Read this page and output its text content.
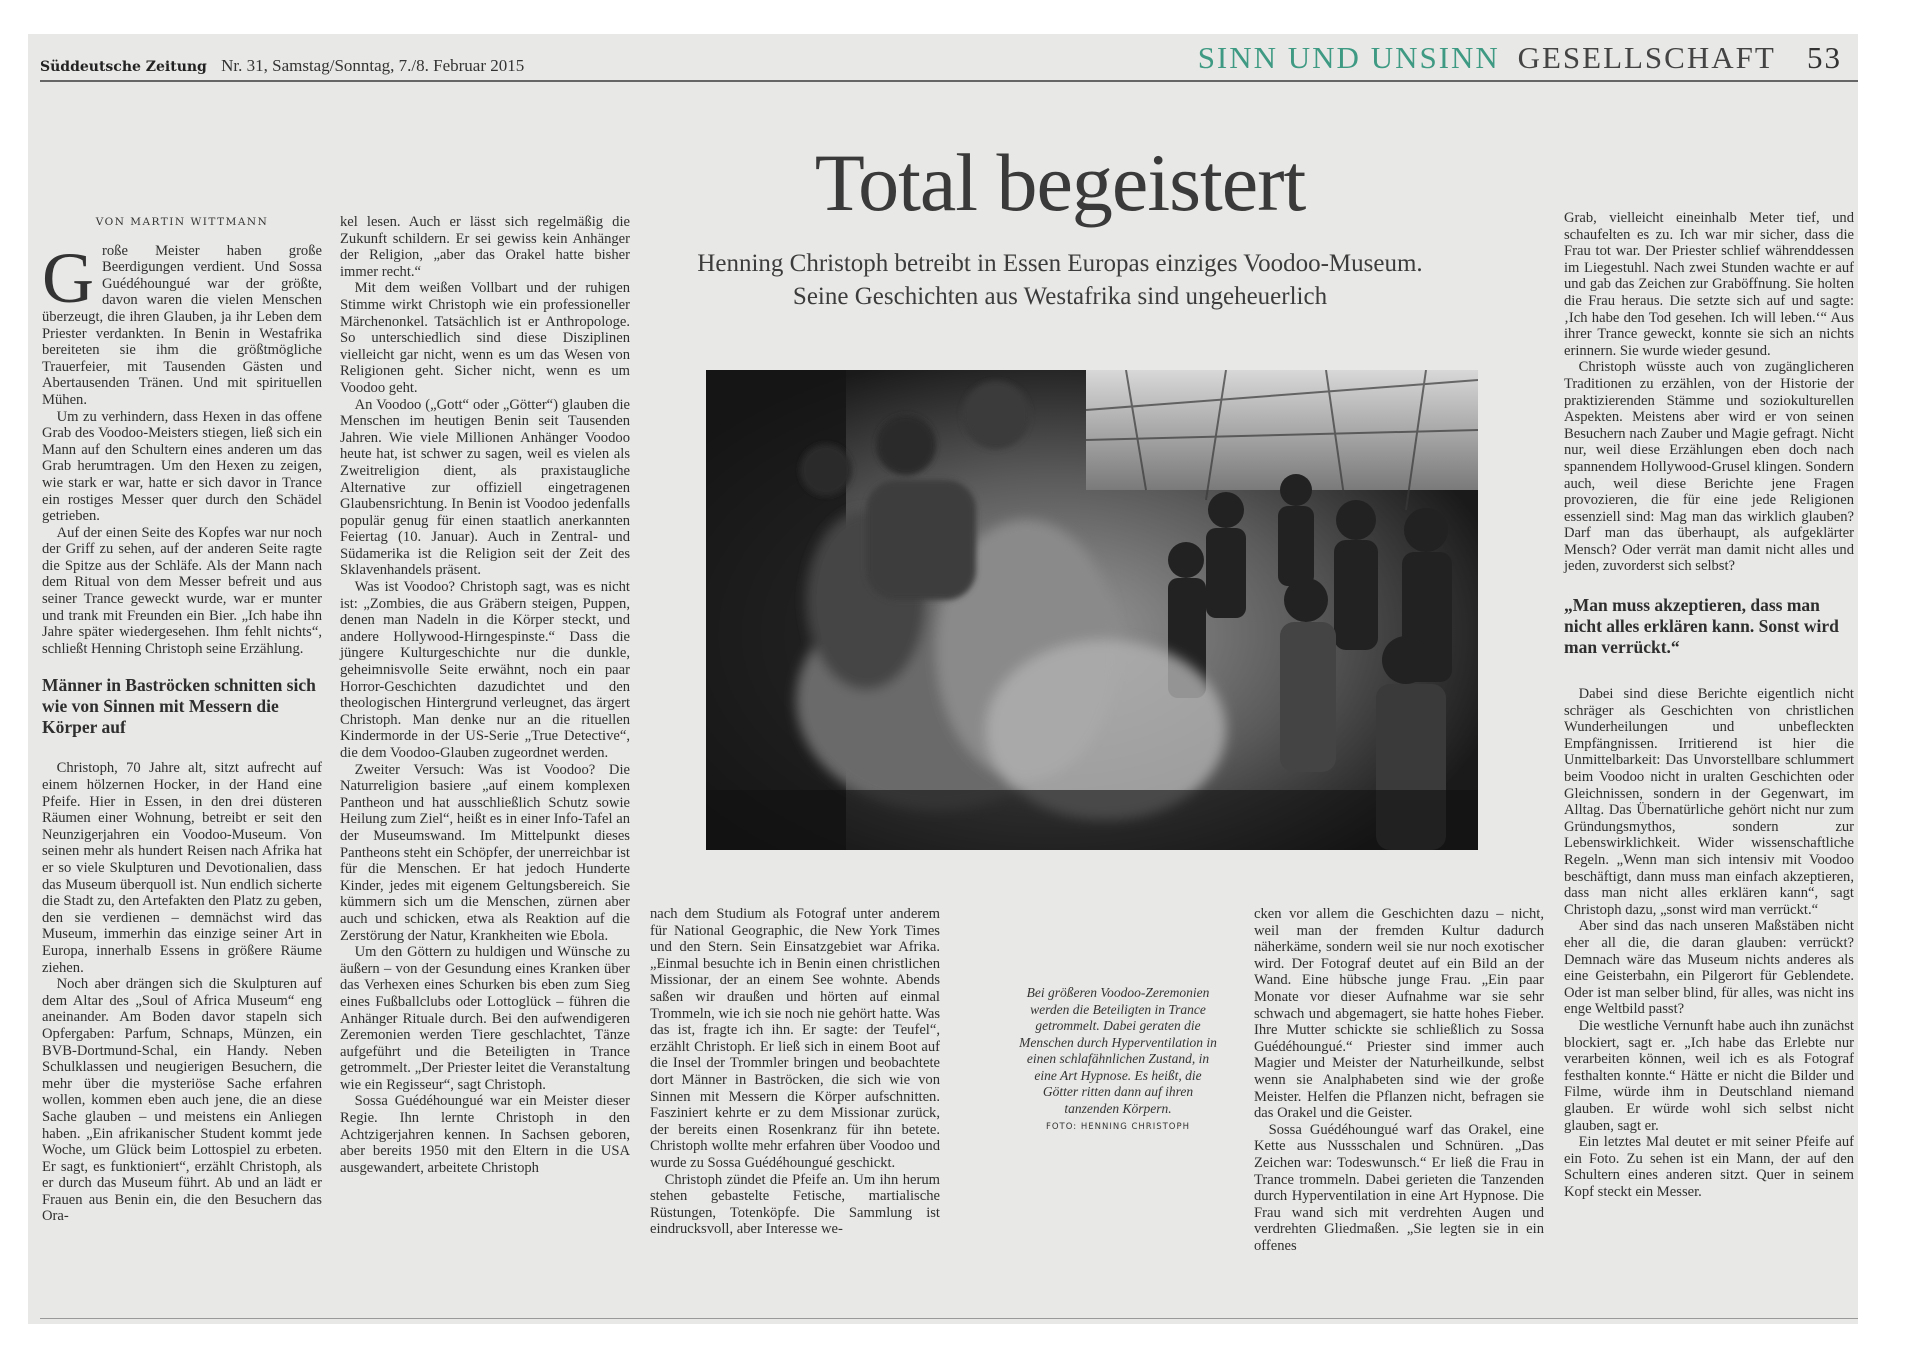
Süddeutsche Zeitung Nr. 31, Samstag/Sonntag, 7./8. Februar 2015	SINN UND UNSINN GESELLSCHAFT 53
Total begeistert
Henning Christoph betreibt in Essen Europas einziges Voodoo-Museum.
Seine Geschichten aus Westafrika sind ungeheuerlich
VON MARTIN WITTMANN

Große Meister haben große Beerdigungen verdient. Und Sossa Guédéhoungué war der größte, davon waren die vielen Menschen überzeugt, die ihren Glauben, ja ihr Leben dem Priester verdankten. In Benin in Westafrika bereiteten sie ihm die größtmögliche Trauerfeier, mit Tausenden Gästen und Abertausenden Tränen. Und mit spirituellen Mühen.

Um zu verhindern, dass Hexen in das offene Grab des Voodoo-Meisters stiegen, ließ sich ein Mann auf den Schultern eines anderen um das Grab herumtragen. Um den Hexen zu zeigen, wie stark er war, hatte er sich davor in Trance ein rostiges Messer quer durch den Schädel getrieben.

Auf der einen Seite des Kopfes war nur noch der Griff zu sehen, auf der anderen Seite ragte die Spitze aus der Schläfe. Als der Mann nach dem Ritual von dem Messer befreit und aus seiner Trance geweckt wurde, war er munter und trank mit Freunden ein Bier. „Ich habe ihn Jahre später wiedergesehen. Ihm fehlt nichts“, schließt Henning Christoph seine Erzählung.

Männer in Baströcken schnitten sich wie von Sinnen mit Messern die Körper auf

Christoph, 70 Jahre alt, sitzt aufrecht auf einem hölzernen Hocker, in der Hand eine Pfeife. Hier in Essen, in den drei düsteren Räumen einer Wohnung, betreibt er seit den Neunzigerjahren ein Voodoo-Museum. Von seinen mehr als hundert Reisen nach Afrika hat er so viele Skulpturen und Devotionalien, dass das Museum überquoll ist. Nun endlich sicherte die Stadt zu, den Artefakten den Platz zu geben, den sie verdienen – demnächst wird das Museum, immerhin das einzige seiner Art in Europa, innerhalb Essens in größere Räume ziehen.

Noch aber drängen sich die Skulpturen auf dem Altar des „Soul of Africa Museum“ eng aneinander. Am Boden davor stapeln sich Opfergaben: Parfum, Schnaps, Münzen, ein BVB-Dortmund-Schal, ein Handy. Neben Schulklassen und neugierigen Besuchern, die mehr über die mysteriöse Sache erfahren wollen, kommen eben auch jene, die an diese Sache glauben – und meistens ein Anliegen haben. „Ein afrikanischer Student kommt jede Woche, um Glück beim Lottospiel zu erbeten. Er sagt, es funktioniert“, erzählt Christoph, als er durch das Museum führt. Ab und an lädt er Frauen aus Benin ein, die den Besuchern das Ora-

kel lesen. Auch er lässt sich regelmäßig die Zukunft schildern. Er sei gewiss kein Anhänger der Religion, „aber das Orakel hatte bisher immer recht.“

Mit dem weißen Vollbart und der ruhigen Stimme wirkt Christoph wie ein professioneller Märchenonkel. Tatsächlich ist er Anthropologe. So unterschiedlich sind diese Disziplinen vielleicht gar nicht, wenn es um das Wesen von Religionen geht. Sicher nicht, wenn es um Voodoo geht.

An Voodoo („Gott“ oder „Götter“) glauben die Menschen im heutigen Benin seit Tausenden Jahren. Wie viele Millionen Anhänger Voodoo heute hat, ist schwer zu sagen, weil es vielen als Zweitreligion dient, als praxistaugliche Alternative zur offiziell eingetragenen Glaubensrichtung. In Benin ist Voodoo jedenfalls populär genug für einen staatlich anerkannten Feiertag (10. Januar). Auch in Zentral- und Südamerika ist die Religion seit der Zeit des Sklavenhandels präsent.

Was ist Voodoo? Christoph sagt, was es nicht ist: „Zombies, die aus Gräbern steigen, Puppen, denen man Nadeln in die Körper steckt, und andere Hollywood-Hirngespinste.“ Dass die jüngere Kulturgeschichte nur die dunkle, geheimnisvolle Seite erwähnt, noch ein paar Horror-Geschichten dazudichtet und den theologischen Hintergrund verleugnet, das ärgert Christoph. Man denke nur an die rituellen Kindermorde in der US-Serie „True Detective“, die dem Voodoo-Glauben zugeordnet werden.

Zweiter Versuch: Was ist Voodoo? Die Naturreligion basiere „auf einem komplexen Pantheon und hat ausschließlich Schutz sowie Heilung zum Ziel“, heißt es in einer Info-Tafel an der Museumswand. Im Mittelpunkt dieses Pantheons steht ein Schöpfer, der unerreichbar ist für die Menschen. Er hat jedoch Hunderte Kinder, jedes mit eigenem Geltungsbereich. Sie kümmern sich um die Menschen, zürnen aber auch und schicken, etwa als Reaktion auf die Zerstörung der Natur, Krankheiten wie Ebola.

Um den Göttern zu huldigen und Wünsche zu äußern – von der Gesundung eines Kranken über das Verhexen eines Schurken bis eben zum Sieg eines Fußballclubs oder Lottoglück – führen die Anhänger Rituale durch. Bei den aufwendigeren Zeremonien werden Tiere geschlachtet, Tänze aufgeführt und die Beteiligten in Trance getrommelt. „Der Priester leitet die Veranstaltung wie ein Regisseur“, sagt Christoph.

Sossa Guédéhoungué war ein Meister dieser Regie. Ihn lernte Christoph in den Achtzigerjahren kennen. In Sachsen geboren, aber bereits 1950 mit den Eltern in die USA ausgewandert, arbeitete Christoph

nach dem Studium als Fotograf unter anderem für National Geographic, die New York Times und den Stern. Sein Einsatzgebiet war Afrika. „Einmal besuchte ich in Benin einen christlichen Missionar, der an einem See wohnte. Abends saßen wir draußen und hörten auf einmal Trommeln, wie ich sie noch nie gehört hatte. Was das ist, fragte ich ihn. Er sagte: der Teufel“, erzählt Christoph. Er ließ sich in einem Boot auf die Insel der Trommler bringen und beobachtete dort Männer in Baströcken, die sich wie von Sinnen mit Messern die Körper aufschnitten. Fasziniert kehrte er zu dem Missionar zurück, der bereits einen Rosenkranz für ihn betete. Christoph wollte mehr erfahren über Voodoo und wurde zu Sossa Guédéhoungué geschickt.

Christoph zündet die Pfeife an. Um ihn herum stehen gebastelte Fetische, martialische Rüstungen, Totenköpfe. Die Sammlung ist eindrucksvoll, aber Interesse we-

Bei größeren Voodoo-Zeremonien werden die Beteiligten in Trance getrommelt. Dabei geraten die Menschen durch Hyperventilation in einen schlafähnlichen Zustand, in eine Art Hypnose. Es heißt, die Götter ritten dann auf ihren tanzenden Körpern.
FOTO: HENNING CHRISTOPH

cken vor allem die Geschichten dazu – nicht, weil man der fremden Kultur dadurch näherkäme, sondern weil sie nur noch exotischer wird. Der Fotograf deutet auf ein Bild an der Wand. Eine hübsche junge Frau. „Ein paar Monate vor dieser Aufnahme war sie sehr schwach und abgemagert, sie hatte hohes Fieber. Ihre Mutter schickte sie schließlich zu Sossa Guédéhoungué.“ Priester sind immer auch Magier und Meister der Naturheilkunde, selbst wenn sie Analphabeten sind wie der große Meister. Helfen die Pflanzen nicht, befragen sie das Orakel und die Geister.

Sossa Guédéhoungué warf das Orakel, eine Kette aus Nussschalen und Schnüren. „Das Zeichen war: Todeswunsch.“ Er ließ die Frau in Trance trommeln. Dabei gerieten die Tanzenden durch Hyperventilation in eine Art Hypnose. Die Frau wand sich mit verdrehten Augen und verdrehten Gliedmaßen. „Sie legten sie in ein offenes

Grab, vielleicht eineinhalb Meter tief, und schaufelten es zu. Ich war mir sicher, dass die Frau tot war. Der Priester schlief währenddessen im Liegestuhl. Nach zwei Stunden wachte er auf und gab das Zeichen zur Graböffnung. Sie holten die Frau heraus. Die setzte sich auf und sagte: ‚Ich habe den Tod gesehen. Ich will leben.‘“ Aus ihrer Trance geweckt, konnte sie sich an nichts erinnern. Sie wurde wieder gesund.

Christoph wüsste auch von zugänglicheren Traditionen zu erzählen, von der Historie der praktizierenden Stämme und soziokulturellen Aspekten. Meistens aber wird er von seinen Besuchern nach Zauber und Magie gefragt. Nicht nur, weil diese Erzählungen eben doch nach spannendem Hollywood-Grusel klingen. Sondern auch, weil diese Berichte jene Fragen provozieren, die für eine jede Religionen essenziell sind: Mag man das wirklich glauben? Darf man das überhaupt, als aufgeklärter Mensch? Oder verrät man damit nicht alles und jeden, zuvorderst sich selbst?

„Man muss akzeptieren, dass man nicht alles erklären kann. Sonst wird man verrückt.“

Dabei sind diese Berichte eigentlich nicht schräger als Geschichten von christlichen Wunderheilungen und unbefleckten Empfängnissen. Irritierend ist hier die Unmittelbarkeit: Das Unvorstellbare schlummert beim Voodoo nicht in uralten Geschichten oder Gleichnissen, sondern in der Gegenwart, im Alltag. Das Übernatürliche gehört nicht nur zum Gründungsmythos, sondern zur Lebenswirklichkeit. Wider wissenschaftliche Regeln. „Wenn man sich intensiv mit Voodoo beschäftigt, dann muss man einfach akzeptieren, dass man nicht alles erklären kann“, sagt Christoph dazu, „sonst wird man verrückt.“

Aber sind das nach unseren Maßstäben nicht eher all die, die daran glauben: verrückt? Demnach wäre das Museum nichts anderes als eine Geisterbahn, ein Pilgerort für Geblendete. Oder ist man selber blind, für alles, was nicht ins enge Weltbild passt?

Die westliche Vernunft habe auch ihn zunächst blockiert, sagt er. „Ich habe das Erlebte nur verarbeiten können, weil ich es als Fotograf festhalten konnte.“ Hätte er nicht die Bilder und Filme, würde ihm in Deutschland niemand glauben. Er würde wohl sich selbst nicht glauben, sagt er.

Ein letztes Mal deutet er mit seiner Pfeife auf ein Foto. Zu sehen ist ein Mann, der auf den Schultern eines anderen sitzt. Quer in seinem Kopf steckt ein Messer.
